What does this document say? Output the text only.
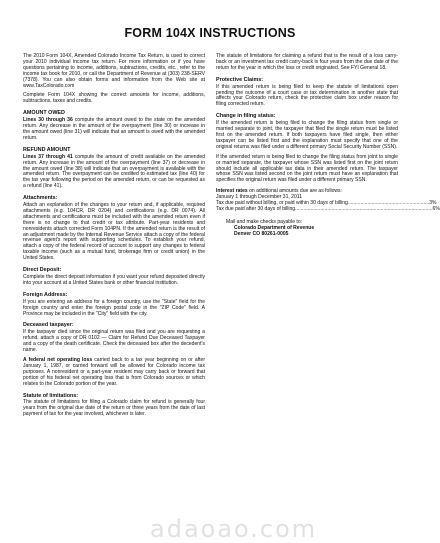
FORM 104X INSTRUCTIONS

The 2010 Form 104X, Amended Colorado Income Tax Return, is used to correct your 2010 individual income tax return. For more information or if you have questions pertaining to income, additions, subtractions, credits, etc., refer to the income tax book for 2010, or call the Department of Revenue at (303) 238-SERV (7378). You can also obtain forms and information from the Web site at www.TaxColorado.com

Complete Form 104X showing the correct amounts for income, additions, subtractions, taxes and credits.

AMOUNT OWED

Lines 30 through 36 compute the amount owed to the state on the amended return. Any decrease in the amount of the overpayment (line 30) or increase in the amount owed (line 31) will indicate that an amount is owed with the amended return.

REFUND AMOUNT

Lines 37 through 41 compute the amount of credit available on the amended return. Any increase in the amount of the overpayment (line 37) or decrease in the amount owed (line 38) will indicate that an overpayment is available with the amended return. The overpayment can be credited to estimated tax (line 40) for the tax year following the period on the amended return, or can be requested as a refund (line 41).

Attachments:

Attach an explanation of the changes to your return and, if applicable, required attachments (e.g. 104CR, DR 0204) and certifications (e.g. DR 0074). All attachments and certifications must be included with the amended return even if there is no change to that credit or tax attribute. Part-year residents and nonresidents attach corrected Form 104PN. If the amended return is the result of an adjustment made by the Internal Revenue Service attach a copy of the federal revenue agent's report with supporting schedules. To establish your refund, attach a copy of the federal record of account to support any changes to federal taxable income (such as a mutual fund, brokerage firm or credit union) in the United States.

Direct Deposit:

Complete the direct deposit information if you want your refund deposited directly into your account at a United States bank or other financial institution.

Foreign Address:

If you are entering an address for a foreign country, use the "State" field for the foreign country and enter the foreign postal code in the "ZIP Code" field. A Province may be included in the "City" field with the city.

Deceased taxpayer:

If the taxpayer died since the original return was filed and you are requesting a refund, attach a copy of DR 0102 — Claim for Refund Due Deceased Taxpayer and a copy of the death certificate. Check the deceased box after the decedent's name.

A federal net operating loss carried back to a tax year beginning on or after January 1, 1987, or carried forward will be allowed for Colorado income tax purposes. A nonresident or a part-year resident may carry back or forward that portion of his federal net operating loss that is from Colorado sources or which relates to the Colorado portion of the year.

Statute of limitations:

The statute of limitations for filing a Colorado claim for refund is generally four years from the original due date of the return or three years from the date of last payment of tax for the year involved, whichever is later.

The statute of limitations for claiming a refund that is the result of a loss carry-back or an investment tax credit carry-back is four years from the due date of the return for the year in which the loss or credit originated. See FYI General 18.

Protective Claims:

If this amended return is being filed to keep the statute of limitations open pending the outcome of a court case or tax determination in another state that affects your Colorado return, check the protective claim box under reason for filing corrected return.

Change in filing status:

If the amended return is being filed to change the filing status from single or married separate to joint, the taxpayer that filed the single return must be listed first on the amended return. If both taxpayers have filed single, then either taxpayer can be listed first and the explanation must specify that one of the original returns was filed under a different primary Social Security Number (SSN).

If the amended return is being filed to change the filing status from joint to single or married separate, the taxpayer whose SSN was listed first on the joint return should include all applicable tax data in their amended return. The taxpayer whose SSN was listed second on the joint return must have an explanation that specifies the original return was filed under a different primary SSN.

Interest rates on additional amounts due are as follows:
January 1 through December 31, 2011
Tax due paid without billing, or paid within 30 days of billing .......................................................... 3%
Tax due paid after 30 days of billing .................................................................................................. 6%
Mail and make checks payable to:
Colorado Department of Revenue
Denver CO 80261-0005
adaoao.com
